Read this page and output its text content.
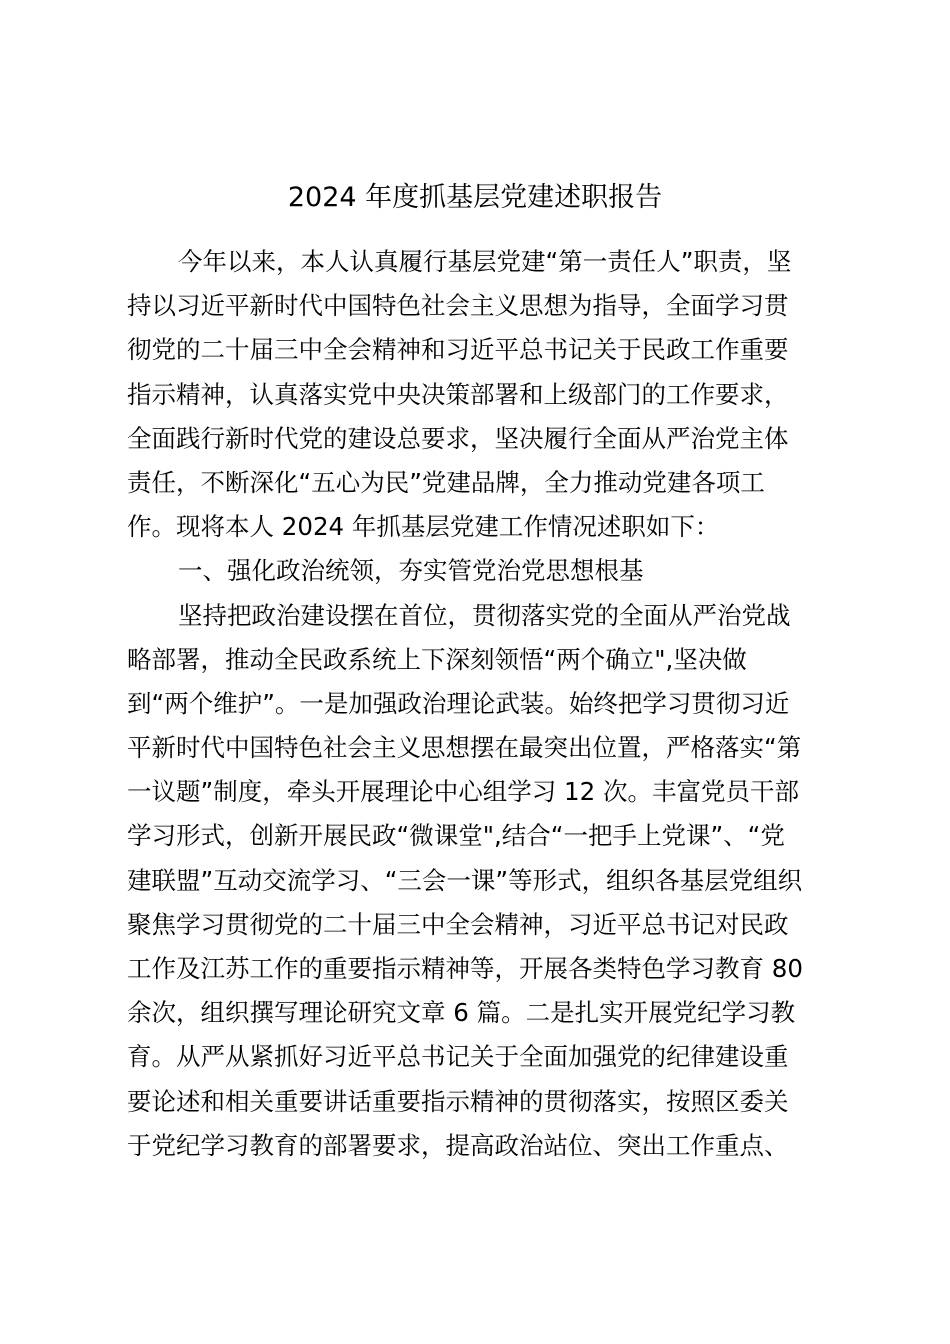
2024 年度抓基层党建述职报告
今年以来，本人认真履行基层党建“第一责任人”职责，坚
持以习近平新时代中国特色社会主义思想为指导，全面学习贯
彻党的二十届三中全会精神和习近平总书记关于民政工作重要
指示精神，认真落实党中央决策部署和上级部门的工作要求，
全面践行新时代党的建设总要求，坚决履行全面从严治党主体
责任，不断深化“五心为民”党建品牌，全力推动党建各项工
作。现将本人 2024 年抓基层党建工作情况述职如下：
一、强化政治统领，夯实管党治党思想根基
坚持把政治建设摆在首位，贯彻落实党的全面从严治党战
略部署，推动全民政系统上下深刻领悟“两个确立",坚决做
到“两个维护”。一是加强政治理论武装。始终把学习贯彻习近
平新时代中国特色社会主义思想摆在最突出位置，严格落实“第
一议题”制度，牵头开展理论中心组学习 12 次。丰富党员干部
学习形式，创新开展民政“微课堂",结合“一把手上党课”、“党
建联盟”互动交流学习、“三会一课”等形式，组织各基层党组织
聚焦学习贯彻党的二十届三中全会精神，习近平总书记对民政
工作及江苏工作的重要指示精神等，开展各类特色学习教育 80
余次，组织撰写理论研究文章 6 篇。二是扎实开展党纪学习教
育。从严从紧抓好习近平总书记关于全面加强党的纪律建设重
要论述和相关重要讲话重要指示精神的贯彻落实，按照区委关
于党纪学习教育的部署要求，提高政治站位、突出工作重点、
